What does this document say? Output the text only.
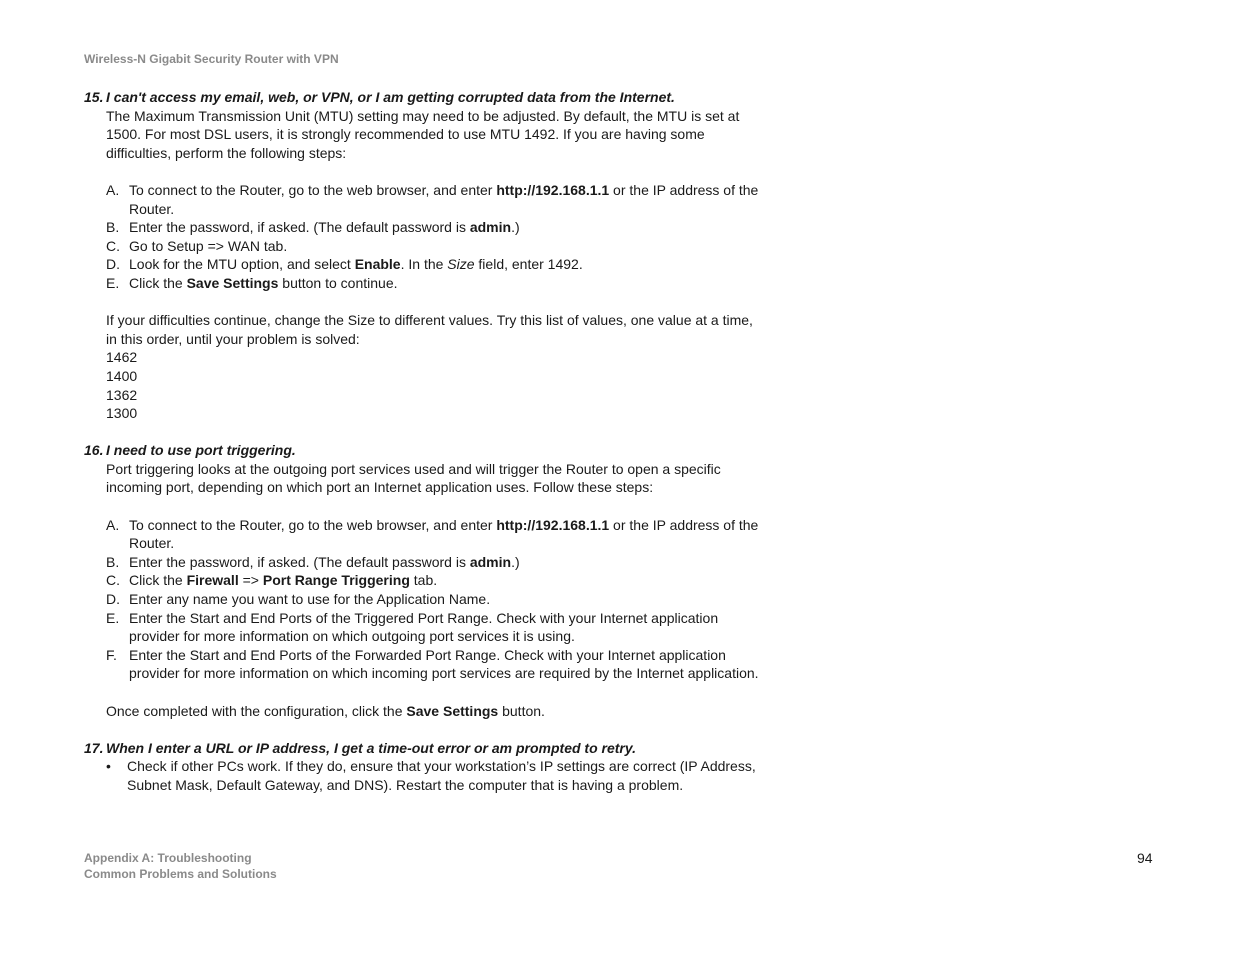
Wireless-N Gigabit Security Router with VPN

15. I can't access my email, web, or VPN, or I am getting corrupted data from the Internet.

The Maximum Transmission Unit (MTU) setting may need to be adjusted. By default, the MTU is set at 1500. For most DSL users, it is strongly recommended to use MTU 1492. If you are having some difficulties, perform the following steps:

A. To connect to the Router, go to the web browser, and enter http://192.168.1.1 or the IP address of the Router.
B. Enter the password, if asked. (The default password is admin.)
C. Go to Setup => WAN tab.
D. Look for the MTU option, and select Enable. In the Size field, enter 1492.
E. Click the Save Settings button to continue.

If your difficulties continue, change the Size to different values. Try this list of values, one value at a time, in this order, until your problem is solved:

1462
1400
1362
1300

16. I need to use port triggering.

Port triggering looks at the outgoing port services used and will trigger the Router to open a specific incoming port, depending on which port an Internet application uses. Follow these steps:

A. To connect to the Router, go to the web browser, and enter http://192.168.1.1 or the IP address of the Router.
B. Enter the password, if asked. (The default password is admin.)
C. Click the Firewall => Port Range Triggering tab.
D. Enter any name you want to use for the Application Name.
E. Enter the Start and End Ports of the Triggered Port Range. Check with your Internet application provider for more information on which outgoing port services it is using.
F. Enter the Start and End Ports of the Forwarded Port Range. Check with your Internet application provider for more information on which incoming port services are required by the Internet application.

Once completed with the configuration, click the Save Settings button.

17. When I enter a URL or IP address, I get a time-out error or am prompted to retry.

• Check if other PCs work. If they do, ensure that your workstation’s IP settings are correct (IP Address, Subnet Mask, Default Gateway, and DNS). Restart the computer that is having a problem.
Appendix A: Troubleshooting
Common Problems and Solutions
94
